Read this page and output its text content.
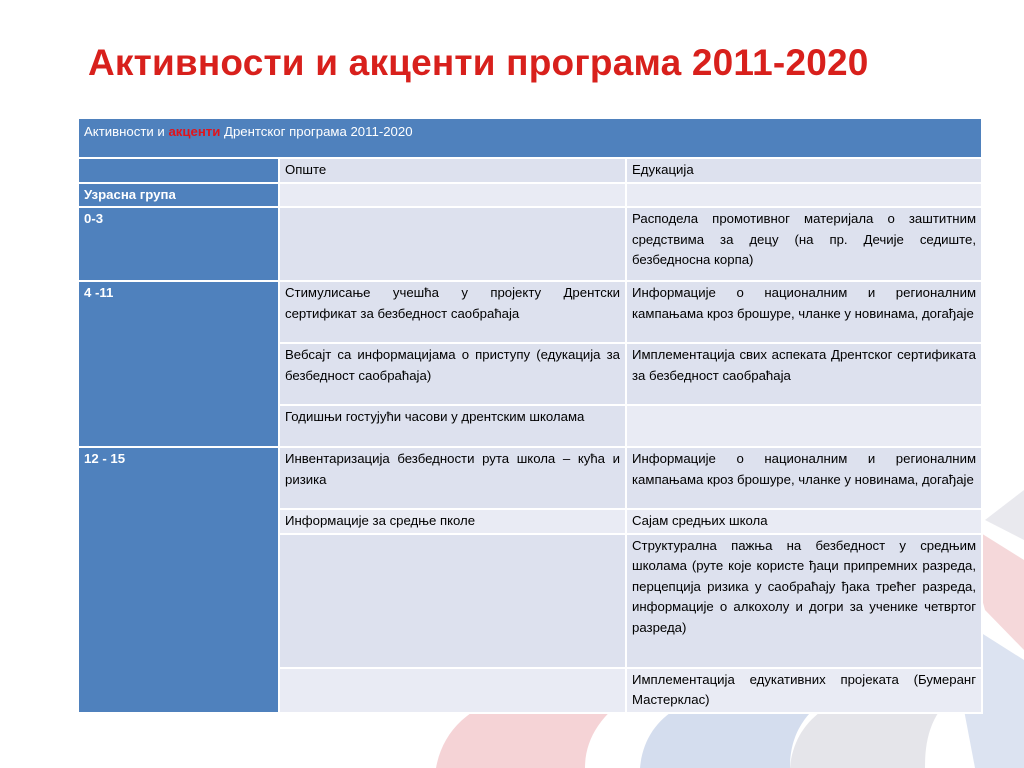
Активности и акценти програма 2011-2020
Активности и акценти Дрентског програма 2011-2020		
	Опште	Едукација
Узрасна група		
0-3		Расподела промотивног материјала о заштитним средствима за децу (на пр. Дечије седиште, безбедносна корпа)
4 -11	Стимулисање учешћа у пројекту Дрентски сертификат за безбедност саобраћаја	Информације о националним и регионалним кампањама кроз брошуре, чланке у новинама, догађаје
	Вебсајт са информацијама о приступу (едукација за безбедност саобраћаја)	Имплементација свих аспеката Дрентског сертификата за безбедност саобраћаја
	Годишњи гостујући часови у дрентским школама	
12 - 15	Инвентаризација безбедности рута школа – кућа и ризика	Информације о националним и регионалним кампањама кроз брошуре, чланке у новинама, догађаје
	Информације за средње пколе	Сајам средњих школа
		Структурална пажња на безбедност у средњим школама (руте које користе ђаци припремних разреда, перцепција ризика у саобраћају ђака трећег разреда, информације о алкохолу и догри за ученике четвртог разреда)
		Имплементација едукативних пројеката (Бумеранг Мастерклас)
